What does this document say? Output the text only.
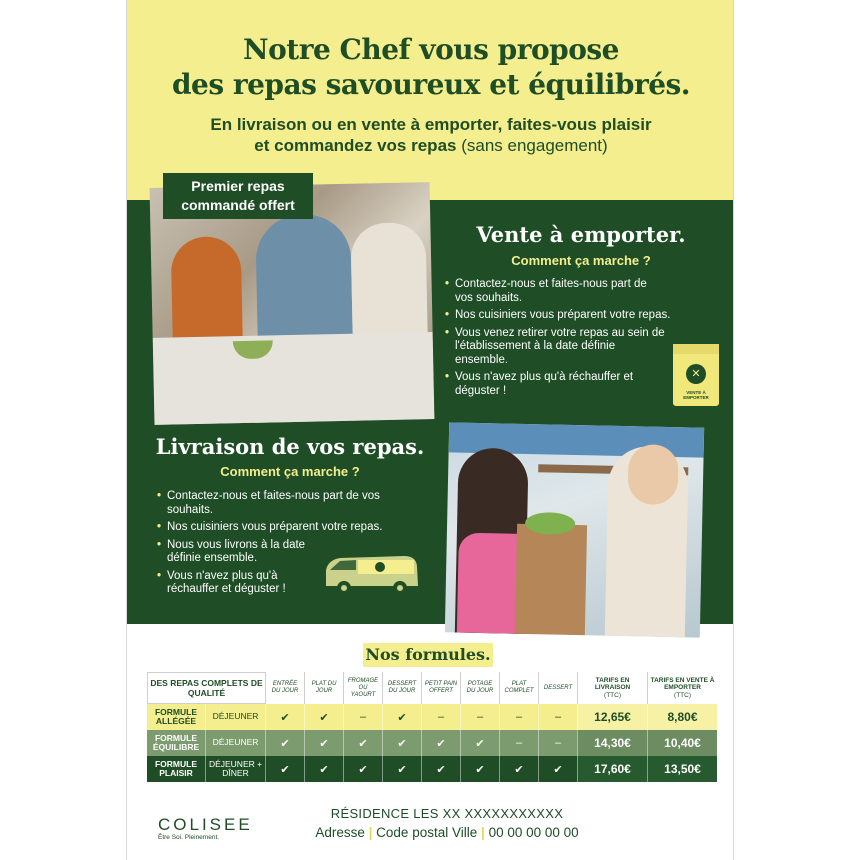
Notre Chef vous propose
des repas savoureux et équilibrés.
En livraison ou en vente à emporter, faites-vous plaisir
et commandez vos repas (sans engagement)
Premier repas
commandé offert
Vente à emporter.
Comment ça marche ?
• Contactez-nous et faites-nous part de vos souhaits.
• Nos cuisiniers vous préparent votre repas.
• Vous venez retirer votre repas au sein de l'établissement à la date définie ensemble.
• Vous n'avez plus qu'à réchauffer et déguster !
✕
VENTE À EMPORTER
Livraison de vos repas.
Comment ça marche ?
• Contactez-nous et faites-nous part de vos souhaits.
• Nos cuisiniers vous préparent votre repas.
• Nous vous livrons à la date définie ensemble.
• Vous n'avez plus qu'à réchauffer et déguster !
Nos formules.
DES REPAS COMPLETS DE QUALITÉ		ENTRÉE DU JOUR	PLAT DU JOUR	FROMAGE OU YAOURT	DESSERT DU JOUR	PETIT PAIN OFFERT	POTAGE DU JOUR	PLAT COMPLET	DESSERT	TARIFS EN LIVRAISON
(TTC)	TARIFS EN VENTE À EMPORTER
(TTC)
FORMULE ALLÉGÉE	DÉJEUNER	✔	✔	–	✔	–	–	–	–	12,65€	8,80€
FORMULE ÉQUILIBRE	DÉJEUNER	✔	✔	✔	✔	✔	✔	–	–	14,30€	10,40€
FORMULE PLAISIR	DÉJEUNER + DÎNER	✔	✔	✔	✔	✔	✔	✔	✔	17,60€	13,50€
COLISEE
Être Soi. Pleinement.
RÉSIDENCE LES XX XXXXXXXXXXX
Adresse | Code postal Ville | 00 00 00 00 00
